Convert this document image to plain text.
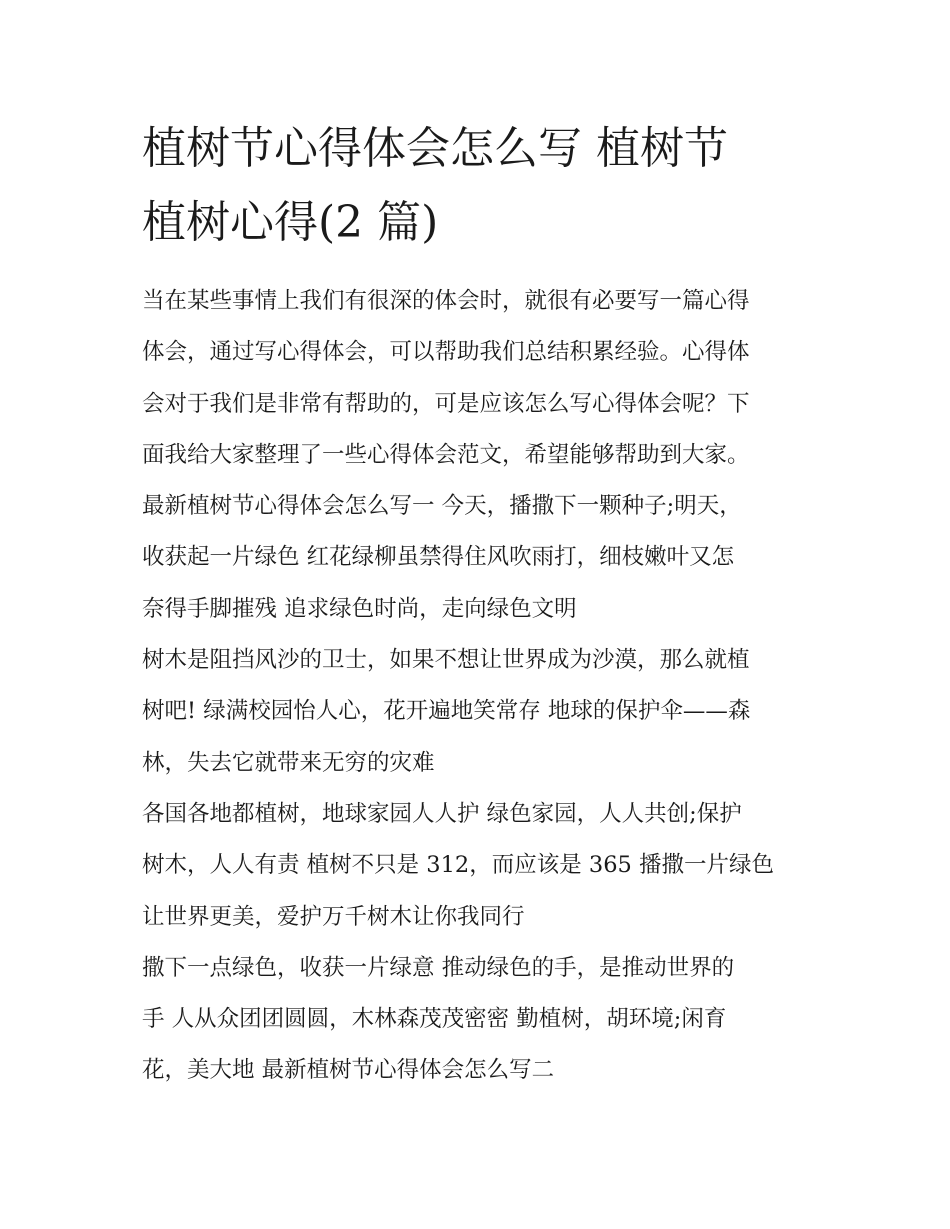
植树节心得体会怎么写 植树节
植树心得(2 篇)

当在某些事情上我们有很深的体会时，就很有必要写一篇心得
体会，通过写心得体会，可以帮助我们总结积累经验。心得体
会对于我们是非常有帮助的，可是应该怎么写心得体会呢？下
面我给大家整理了一些心得体会范文，希望能够帮助到大家。

最新植树节心得体会怎么写一 今天，播撒下一颗种子;明天，
收获起一片绿色 红花绿柳虽禁得住风吹雨打，细枝嫩叶又怎
奈得手脚摧残 追求绿色时尚，走向绿色文明

树木是阻挡风沙的卫士，如果不想让世界成为沙漠，那么就植
树吧! 绿满校园怡人心，花开遍地笑常存 地球的保护伞——森
林，失去它就带来无穷的灾难

各国各地都植树，地球家园人人护 绿色家园，人人共创;保护
树木，人人有责 植树不只是 312，而应该是 365 播撒一片绿色
让世界更美，爱护万千树木让你我同行

撒下一点绿色，收获一片绿意 推动绿色的手，是推动世界的
手 人从众团团圆圆，木林森茂茂密密 勤植树，胡环境;闲育
花，美大地 最新植树节心得体会怎么写二
